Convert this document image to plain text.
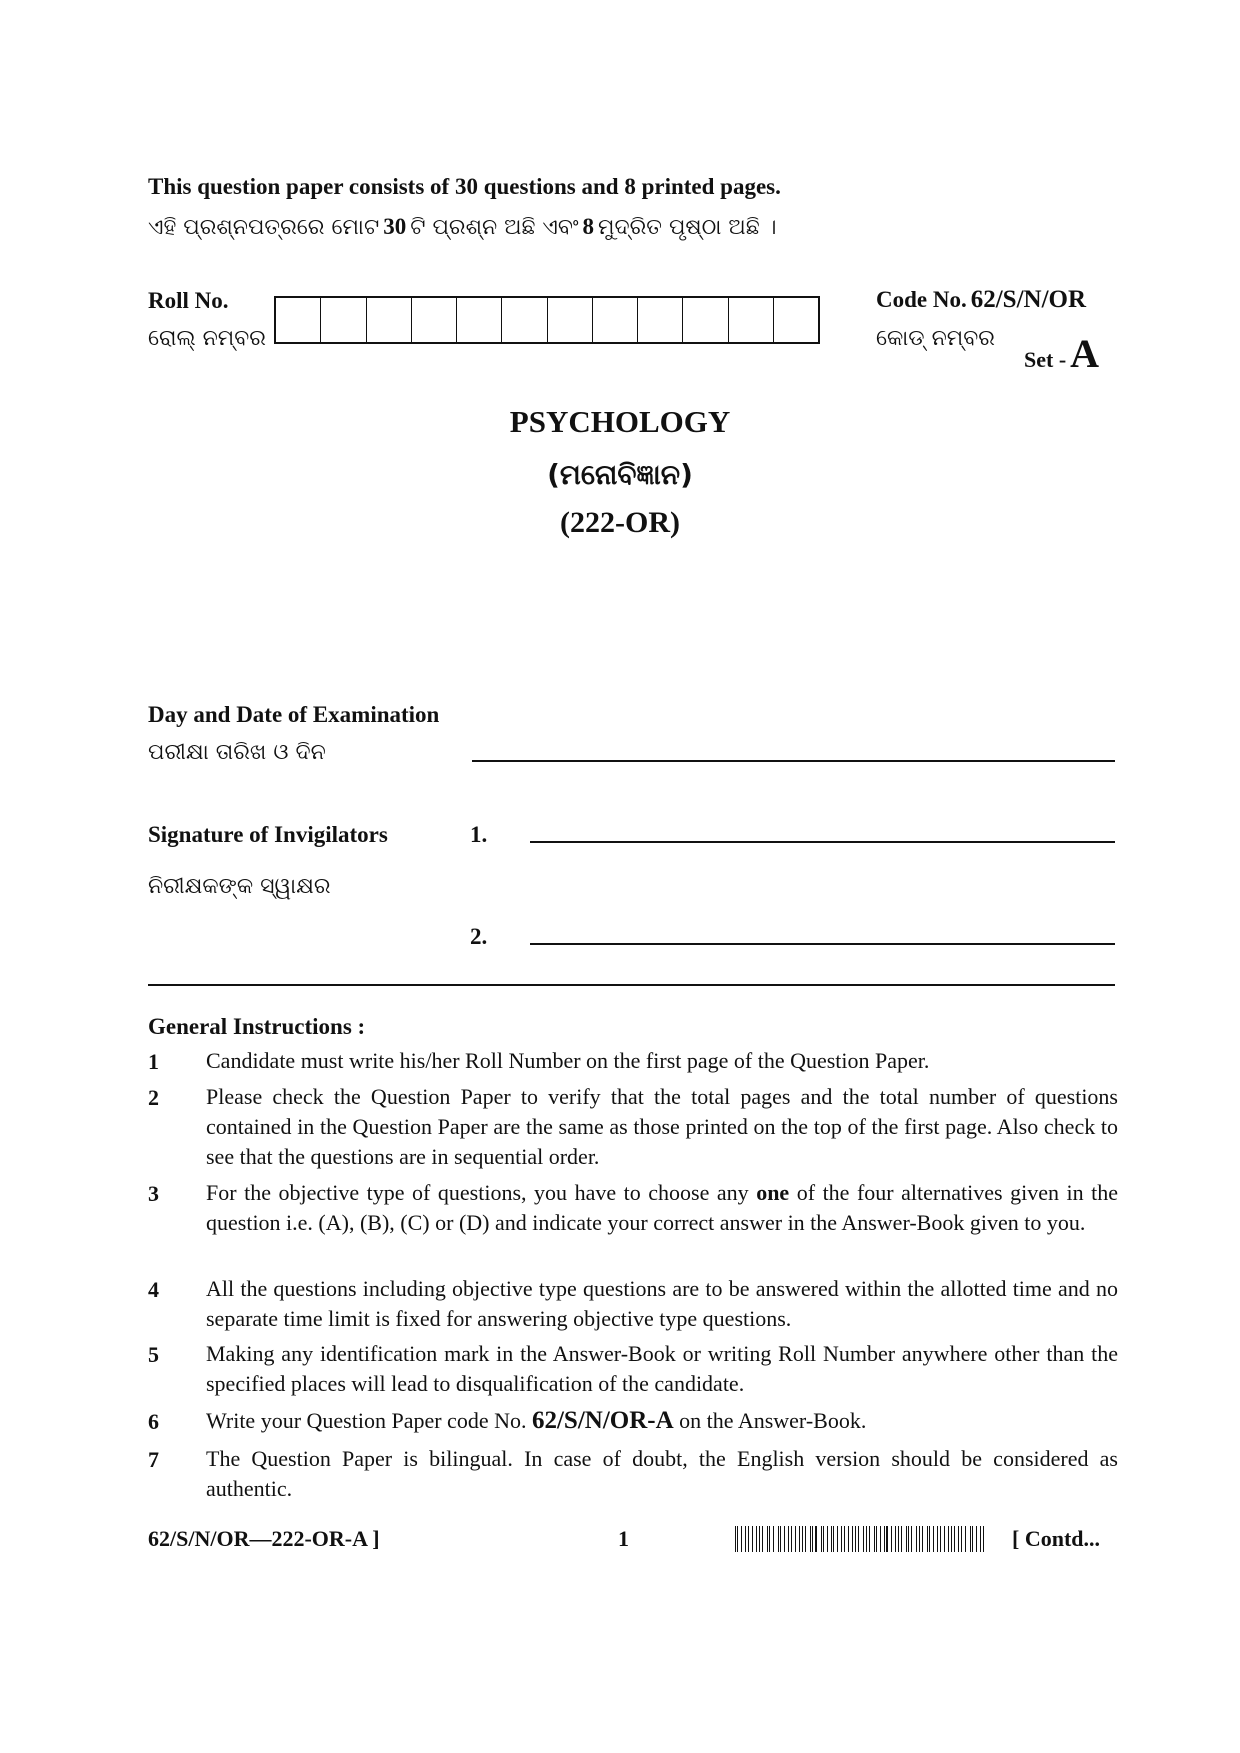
This question paper consists of 30 questions and 8 printed pages.
ଏହି ପ୍ରଶ୍ନପତ୍ରରେ ମୋଟ 30 ଟି ପ୍ରଶ୍ନ ଅଛି ଏବଂ 8 ମୁଦ୍ରିତ ପୃଷ୍ଠା ଅଛି ।
Roll No.
ରୋଲ୍ ନମ୍ବର
Code No. 62/S/N/OR
କୋଡ୍ ନମ୍ବର
Set - A
PSYCHOLOGY
(ମନୋବିଜ୍ଞାନ)
(222-OR)
Day and Date of Examination
ପରୀକ୍ଷା ତାରିଖ ଓ ଦିନ
Signature of Invigilators
ନିରୀକ୍ଷକଙ୍କ ସ୍ୱାକ୍ଷର
1.
2.
General Instructions :
1 Candidate must write his/her Roll Number on the first page of the Question Paper.
2 Please check the Question Paper to verify that the total pages and the total number of questions contained in the Question Paper are the same as those printed on the top of the first page. Also check to see that the questions are in sequential order.
3 For the objective type of questions, you have to choose any one of the four alternatives given in the question i.e. (A), (B), (C) or (D) and indicate your correct answer in the Answer-Book given to you.
4 All the questions including objective type questions are to be answered within the allotted time and no separate time limit is fixed for answering objective type questions.
5 Making any identification mark in the Answer-Book or writing Roll Number anywhere other than the specified places will lead to disqualification of the candidate.
6 Write your Question Paper code No. 62/S/N/OR-A on the Answer-Book.
7 The Question Paper is bilingual. In case of doubt, the English version should be considered as authentic.
62/S/N/OR—222-OR-A ]	1	[ Contd...
